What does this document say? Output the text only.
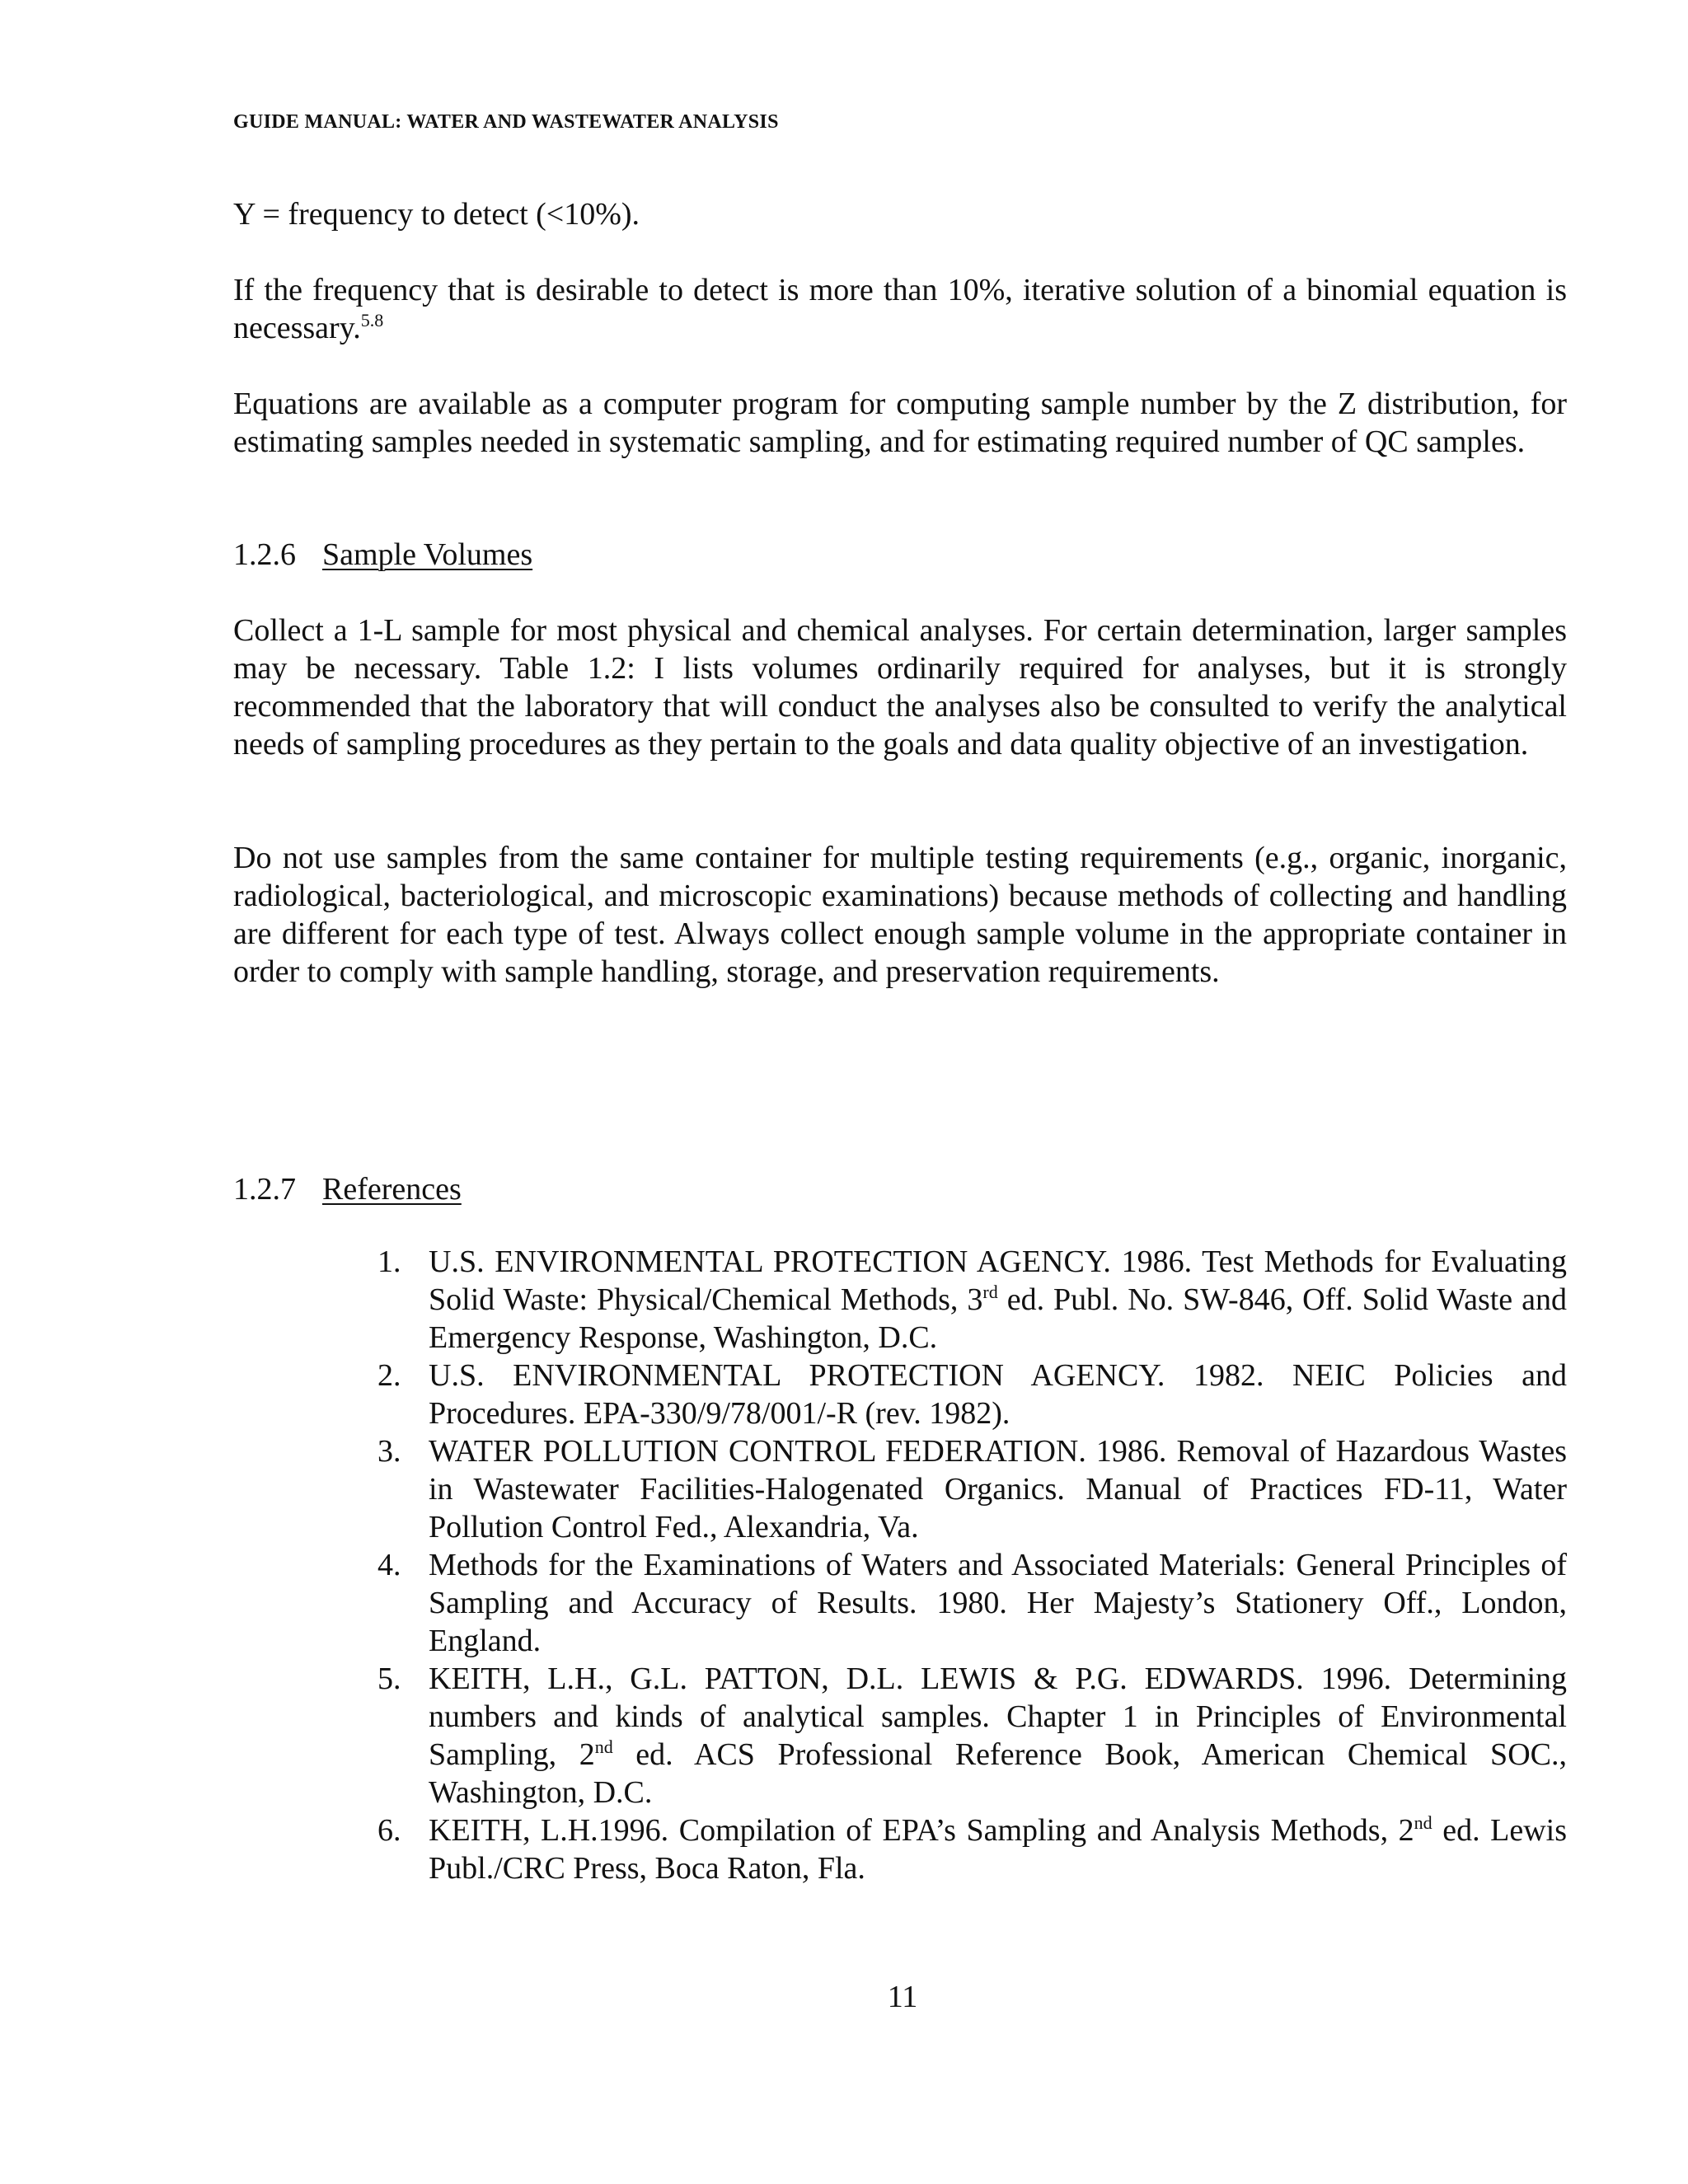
GUIDE MANUAL: WATER AND WASTEWATER ANALYSIS

Y = frequency to detect (<10%).

If the frequency that is desirable to detect is more than 10%, iterative solution of a binomial equation is necessary.$^{5.8}$

Equations are available as a computer program for computing sample number by the Z distribution, for estimating samples needed in systematic sampling, and for estimating required number of QC samples.

1.2.6 Sample Volumes

Collect a 1-L sample for most physical and chemical analyses. For certain determination, larger samples may be necessary. Table 1.2: I lists volumes ordinarily required for analyses, but it is strongly recommended that the laboratory that will conduct the analyses also be consulted to verify the analytical needs of sampling procedures as they pertain to the goals and data quality objective of an investigation.

Do not use samples from the same container for multiple testing requirements (e.g., organic, inorganic, radiological, bacteriological, and microscopic examinations) because methods of collecting and handling are different for each type of test. Always collect enough sample volume in the appropriate container in order to comply with sample handling, storage, and preservation requirements.

1.2.7 References
1. U.S. ENVIRONMENTAL PROTECTION AGENCY. 1986. Test Methods for Evaluating Solid Waste: Physical/Chemical Methods, 3rd ed. Publ. No. SW-846, Off. Solid Waste and Emergency Response, Washington, D.C.
2. U.S. ENVIRONMENTAL PROTECTION AGENCY. 1982. NEIC Policies and Procedures. EPA-330/9/78/001/-R (rev. 1982).
3. WATER POLLUTION CONTROL FEDERATION. 1986. Removal of Hazardous Wastes in Wastewater Facilities-Halogenated Organics. Manual of Practices FD-11, Water Pollution Control Fed., Alexandria, Va.
4. Methods for the Examinations of Waters and Associated Materials: General Principles of Sampling and Accuracy of Results. 1980. Her Majesty’s Stationery Off., London, England.
5. KEITH, L.H., G.L. PATTON, D.L. LEWIS & P.G. EDWARDS. 1996. Determining numbers and kinds of analytical samples. Chapter 1 in Principles of Environmental Sampling, 2nd ed. ACS Professional Reference Book, American Chemical SOC., Washington, D.C.
6. KEITH, L.H.1996. Compilation of EPA’s Sampling and Analysis Methods, 2nd ed. Lewis Publ./CRC Press, Boca Raton, Fla.
11
